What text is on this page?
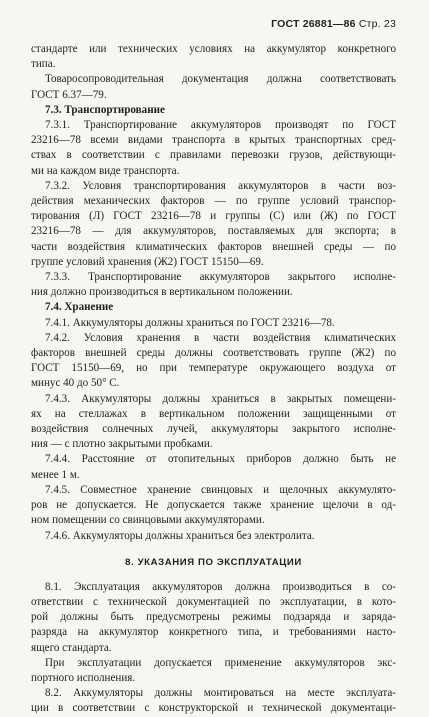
ГОСТ 26881—86 Стр. 23
стандарте или технических условиях на аккумулятор конкретного
типа.
Товаросопроводительная документация должна соответствовать
ГОСТ 6.37—79.
7.3. Транспортирование
7.3.1. Транспортирование аккумуляторов производят по ГОСТ
23216—78 всеми видами транспорта в крытых транспортных сред-
ствах в соответствии с правилами перевозки грузов, действующи-
ми на каждом виде транспорта.
7.3.2. Условия транспортирования аккумуляторов в части воз-
действия механических факторов — по группе условий транспор-
тирования (Л) ГОСТ 23216—78 и группы (С) или (Ж) по ГОСТ
23216—78 — для аккумуляторов, поставляемых для экспорта; в
части воздействия климатических факторов внешней среды — по
группе условий хранения (Ж2) ГОСТ 15150—69.
7.3.3. Транспортирование аккумуляторов закрытого исполне-
ния должно производиться в вертикальном положении.
7.4. Хранение
7.4.1. Аккумуляторы должны храниться по ГОСТ 23216—78.
7.4.2. Условия хранения в части воздействия климатических
факторов внешней среды должны соответствовать группе (Ж2) по
ГОСТ 15150—69, но при температуре окружающего воздуха от
минус 40 до 50° С.
7.4.3. Аккумуляторы должны храниться в закрытых помещени-
ях на стеллажах в вертикальном положении защищенными от
воздействия солнечных лучей, аккумуляторы закрытого исполне-
ния — с плотно закрытыми пробками.
7.4.4. Расстояние от отопительных приборов должно быть не
менее 1 м.
7.4.5. Совместное хранение свинцовых и щелочных аккумулято-
ров не допускается. Не допускается также хранение щелочи в од-
ном помещении со свинцовыми аккумуляторами.
7.4.6. Аккумуляторы должны храниться без электролита.
8. УКАЗАНИЯ ПО ЭКСПЛУАТАЦИИ
8.1. Эксплуатация аккумуляторов должна производиться в со-
ответствии с технической документацией по эксплуатации, в кото-
рой должны быть предусмотрены режимы подзаряда и заряда-
разряда на аккумулятор конкретного типа, и требованиями насто-
ящего стандарта.
При эксплуатации допускается применение аккумуляторов экс-
портного исполнения.
8.2. Аккумуляторы должны монтироваться на месте эксплуата-
ции в соответствии с конструкторской и технической документаци-
